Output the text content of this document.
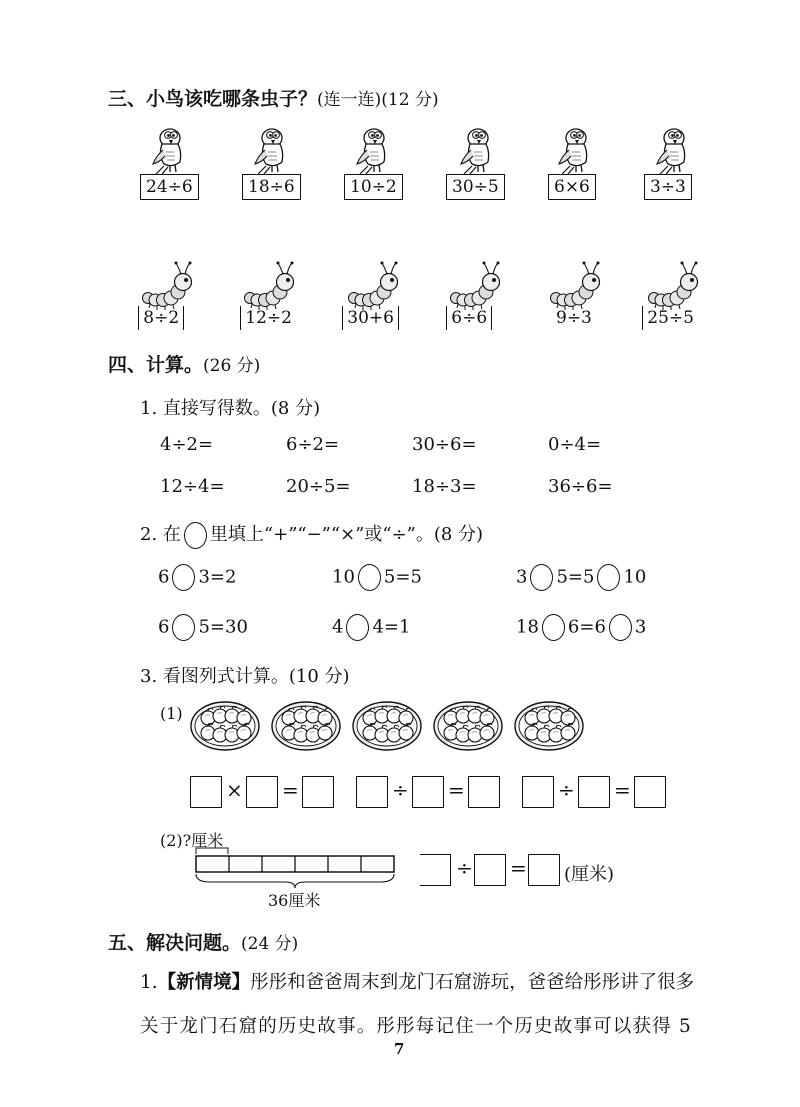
三、小鸟该吃哪条虫子？(连一连)(12 分)
24÷6	18÷6	10÷2	30÷5	6×6	3÷3
8÷2	12÷2	30+6	6÷6	9÷3	25÷5
四、计算。(26 分)
1. 直接写得数。(8 分)
4÷2=	6÷2=	30÷6=	0÷4=
12÷4=	20÷5=	18÷3=	36÷6=
2. 在 里填上“+”“−”“×”或“÷”。(8 分)
6 3=2	10 5=5	3 5=5 10
6 5=30	4 4=1	18 6=6 3
3. 看图列式计算。(10 分)
(1)
× =	÷ =	÷ =
(2)?厘米
36厘米
÷ = (厘米)
五、解决问题。(24 分)
1.【新情境】彤彤和爸爸周末到龙门石窟游玩，爸爸给彤彤讲了很多
关于龙门石窟的历史故事。彤彤每记住一个历史故事可以获得 5
7
